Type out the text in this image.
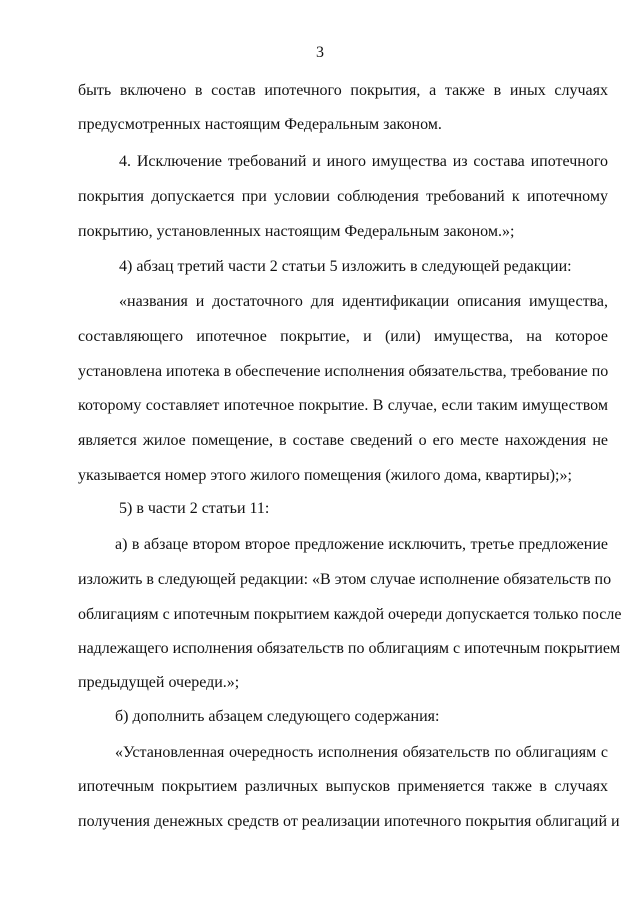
3
быть включено в состав ипотечного покрытия, а также в иных случаях
предусмотренных настоящим Федеральным законом.
4. Исключение требований и иного имущества из состава ипотечного
покрытия допускается при условии соблюдения требований к ипотечному
покрытию, установленных настоящим Федеральным законом.»;
4) абзац третий части 2 статьи 5 изложить в следующей редакции:
«названия и достаточного для идентификации описания имущества,
составляющего ипотечное покрытие, и (или) имущества, на которое
установлена ипотека в обеспечение исполнения обязательства, требование по
которому составляет ипотечное покрытие. В случае, если таким имуществом
является жилое помещение, в составе сведений о его месте нахождения не
указывается номер этого жилого помещения (жилого дома, квартиры);»;
5) в части 2 статьи 11:
а) в абзаце втором второе предложение исключить, третье предложение
изложить в следующей редакции: «В этом случае исполнение обязательств по
облигациям с ипотечным покрытием каждой очереди допускается только после
надлежащего исполнения обязательств по облигациям с ипотечным покрытием
предыдущей очереди.»;
б) дополнить абзацем следующего содержания:
«Установленная очередность исполнения обязательств по облигациям с
ипотечным покрытием различных выпусков применяется также в случаях
получения денежных средств от реализации ипотечного покрытия облигаций и
